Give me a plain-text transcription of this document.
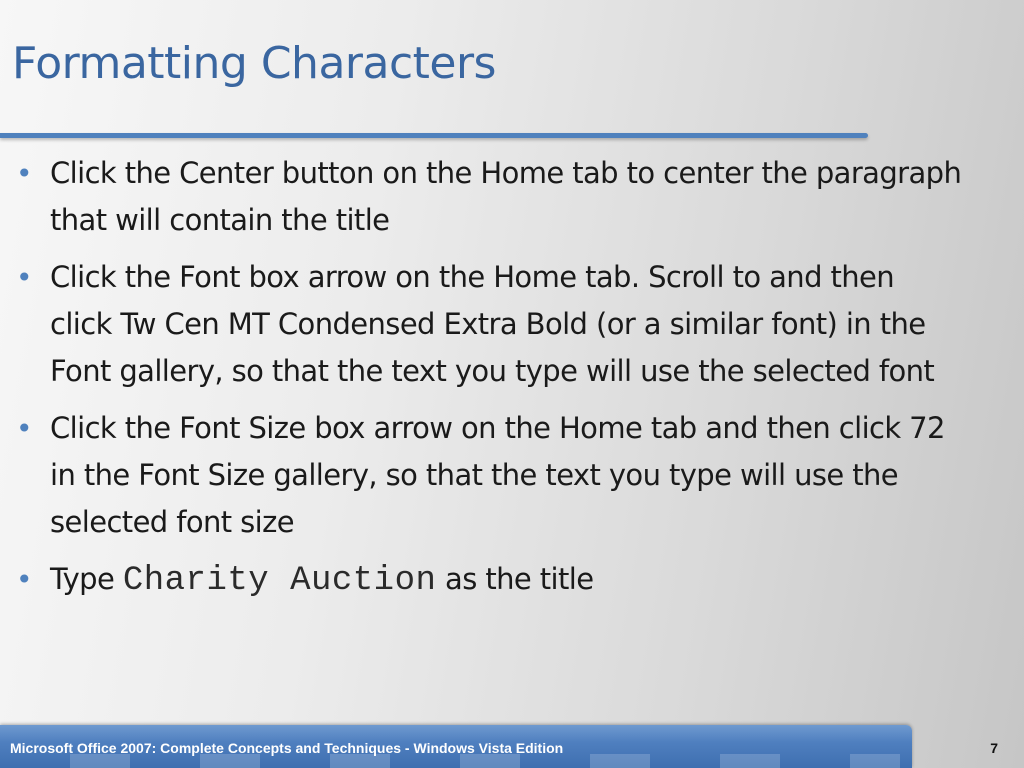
Formatting Characters
• Click the Center button on the Home tab to center the paragraph that will contain the title
• Click the Font box arrow on the Home tab. Scroll to and then click Tw Cen MT Condensed Extra Bold (or a similar font) in the Font gallery, so that the text you type will use the selected font
• Click the Font Size box arrow on the Home tab and then click 72 in the Font Size gallery, so that the text you type will use the selected font size
• Type Charity Auction as the title
Microsoft Office 2007: Complete Concepts and Techniques - Windows Vista Edition	7
